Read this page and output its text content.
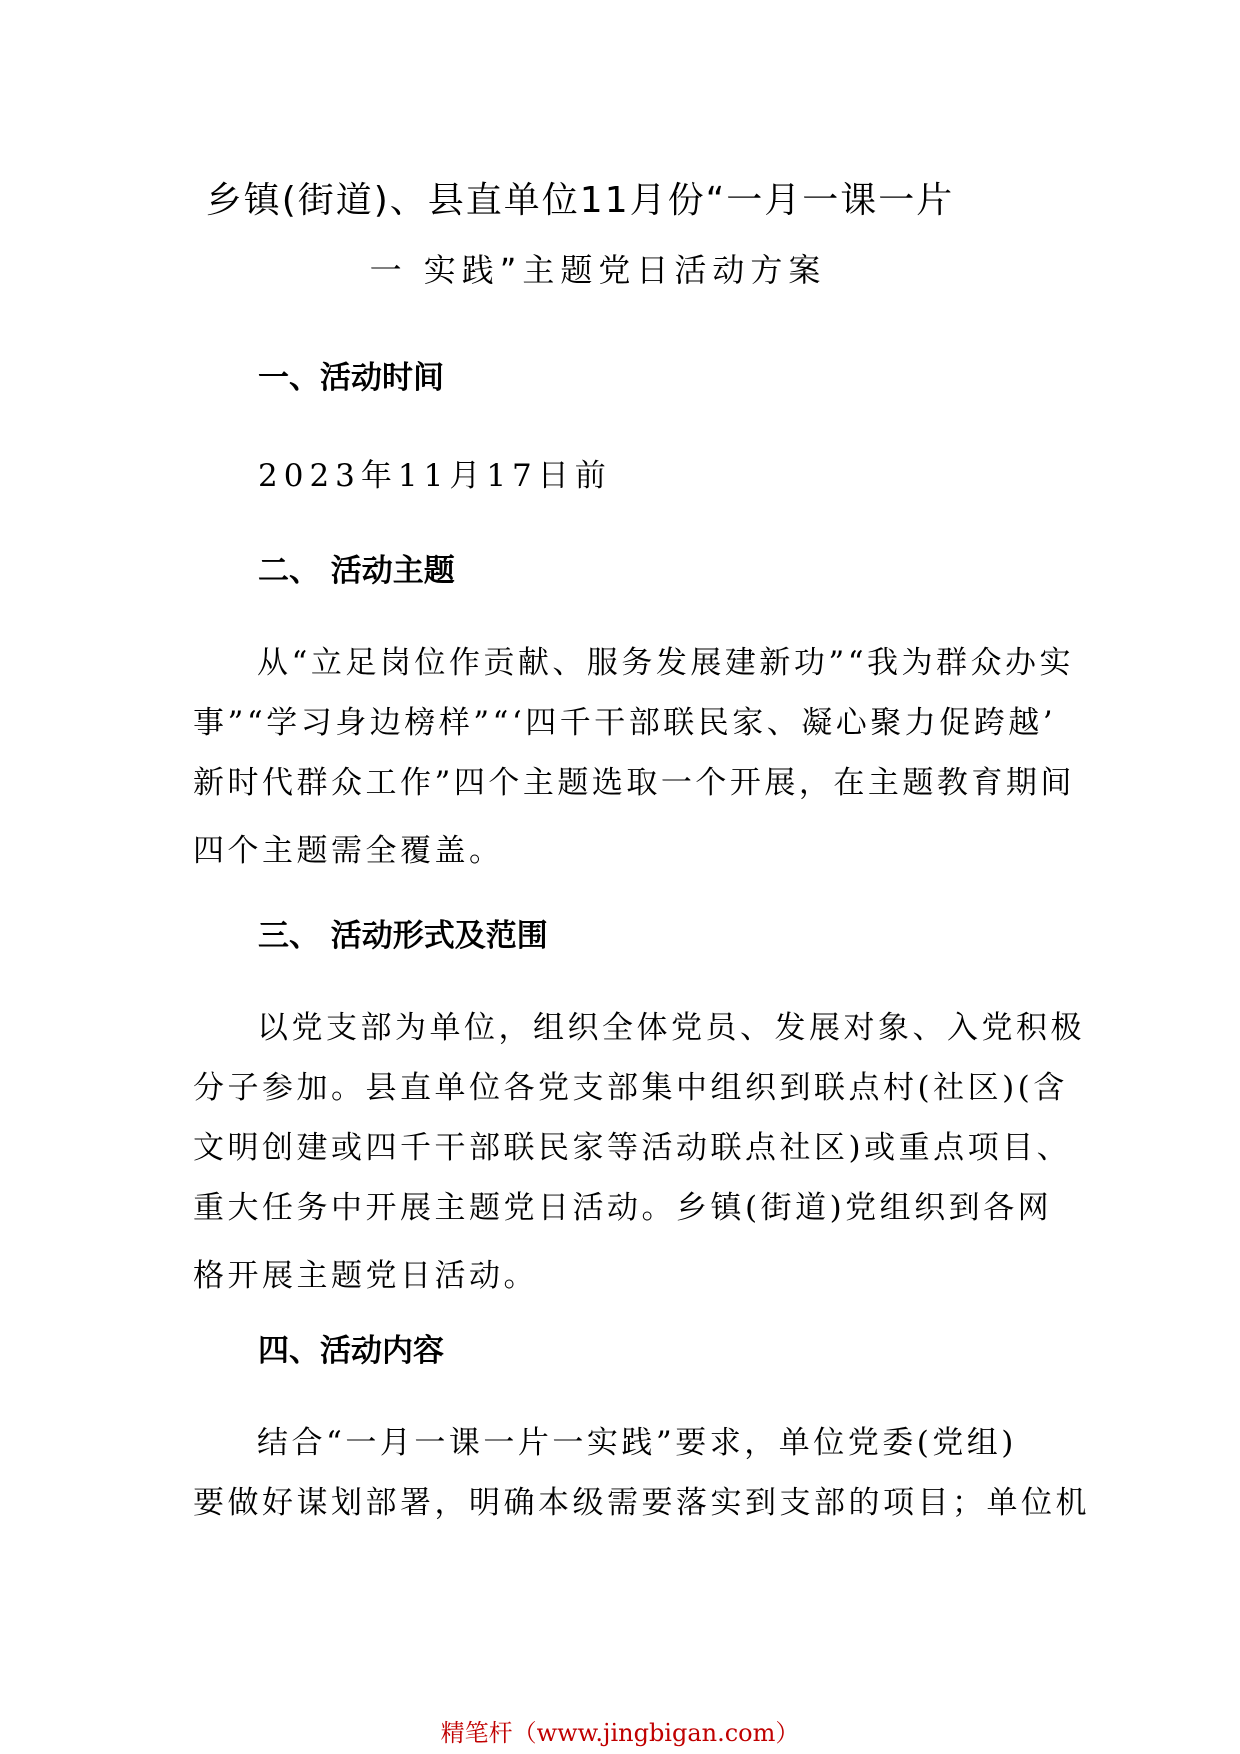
乡镇(街道)、县直单位11月份“一月一课一片
一 实践”主题党日活动方案
一、活动时间
2023年11月17日前
二、 活动主题
从“立足岗位作贡献、服务发展建新功”“我为群众办实
事”“学习身边榜样”“‘四千干部联民家、凝心聚力促跨越’
新时代群众工作”四个主题选取一个开展，在主题教育期间
四个主题需全覆盖。
三、 活动形式及范围
以党支部为单位，组织全体党员、发展对象、入党积极
分子参加。县直单位各党支部集中组织到联点村(社区)(含
文明创建或四千干部联民家等活动联点社区)或重点项目、
重大任务中开展主题党日活动。乡镇(街道)党组织到各网
格开展主题党日活动。
四、活动内容
结合“一月一课一片一实践”要求，单位党委(党组)
要做好谋划部署，明确本级需要落实到支部的项目；单位机
精笔杆（www.jingbigan.com）
